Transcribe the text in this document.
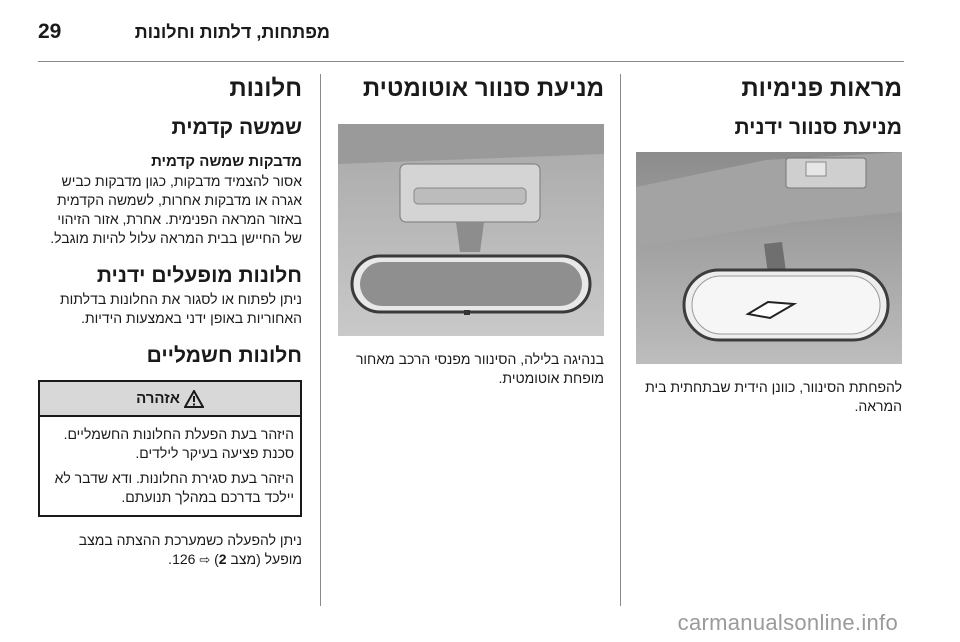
29	מפתחות, דלתות וחלונות
מראות פנימיות
מניעת סנוור ידנית

להפחתת הסינוור, כוונן הידית שבתחתית בית המראה.

מניעת סנוור אוטומטית

בנהיגה בלילה, הסינוור מפנסי הרכב מאחור מופחת אוטומטית.

חלונות
שמשה קדמית
מדבקות שמשה קדמית

אסור להצמיד מדבקות, כגון מדבקות כביש אגרה או מדבקות אחרות, לשמשה הקדמית באזור המראה הפנימית. אחרת, אזור הזיהוי של החיישן בבית המראה עלול להיות מוגבל.

חלונות מופעלים ידנית

ניתן לפתוח או לסגור את החלונות בדלתות האחוריות באופן ידני באמצעות הידיות.

חלונות חשמליים
אזהרה

היזהר בעת הפעלת החלונות החשמליים. סכנת פציעה בעיקר לילדים.

היזהר בעת סגירת החלונות. ודא שדבר לא יילכד בדרכם במהלך תנועתם.

ניתן להפעלה כשמערכת ההצתה במצב מופעל (מצב 2) ⇨ 126.

carmanualsonline.info
